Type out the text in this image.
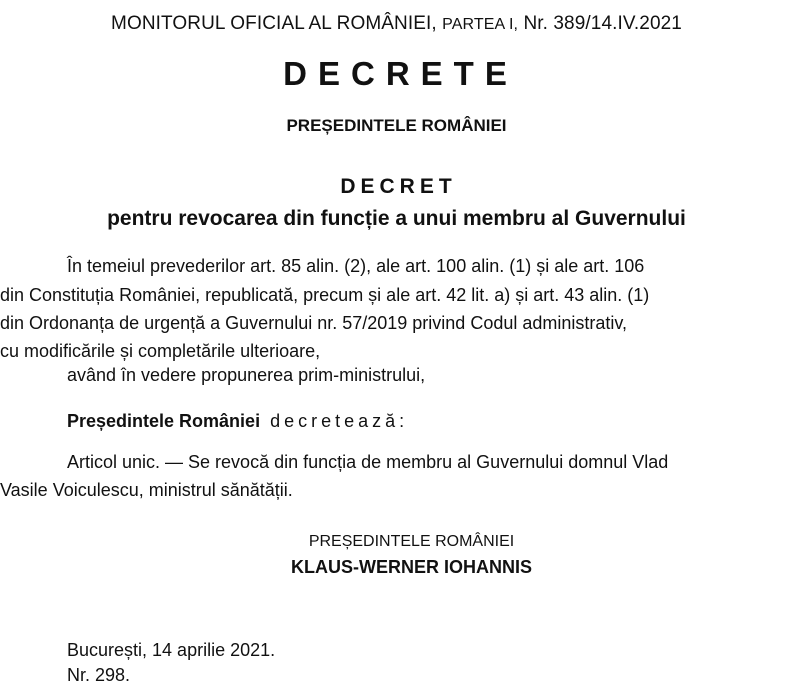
MONITORUL OFICIAL AL ROMÂNIEI, PARTEA I, Nr. 389/14.IV.2021
DECRETE
PREȘEDINTELE ROMÂNIEI
DECRET
pentru revocarea din funcție a unui membru al Guvernului
În temeiul prevederilor art. 85 alin. (2), ale art. 100 alin. (1) și ale art. 106
din Constituția României, republicată, precum și ale art. 42 lit. a) și art. 43 alin. (1)
din Ordonanța de urgență a Guvernului nr. 57/2019 privind Codul administrativ,
cu modificările și completările ulterioare,
având în vedere propunerea prim-ministrului,
Președintele României decretează:
Articol unic. — Se revocă din funcția de membru al Guvernului domnul Vlad
Vasile Voiculescu, ministrul sănătății.
PREȘEDINTELE ROMÂNIEI
KLAUS-WERNER IOHANNIS
București, 14 aprilie 2021.
Nr. 298.
